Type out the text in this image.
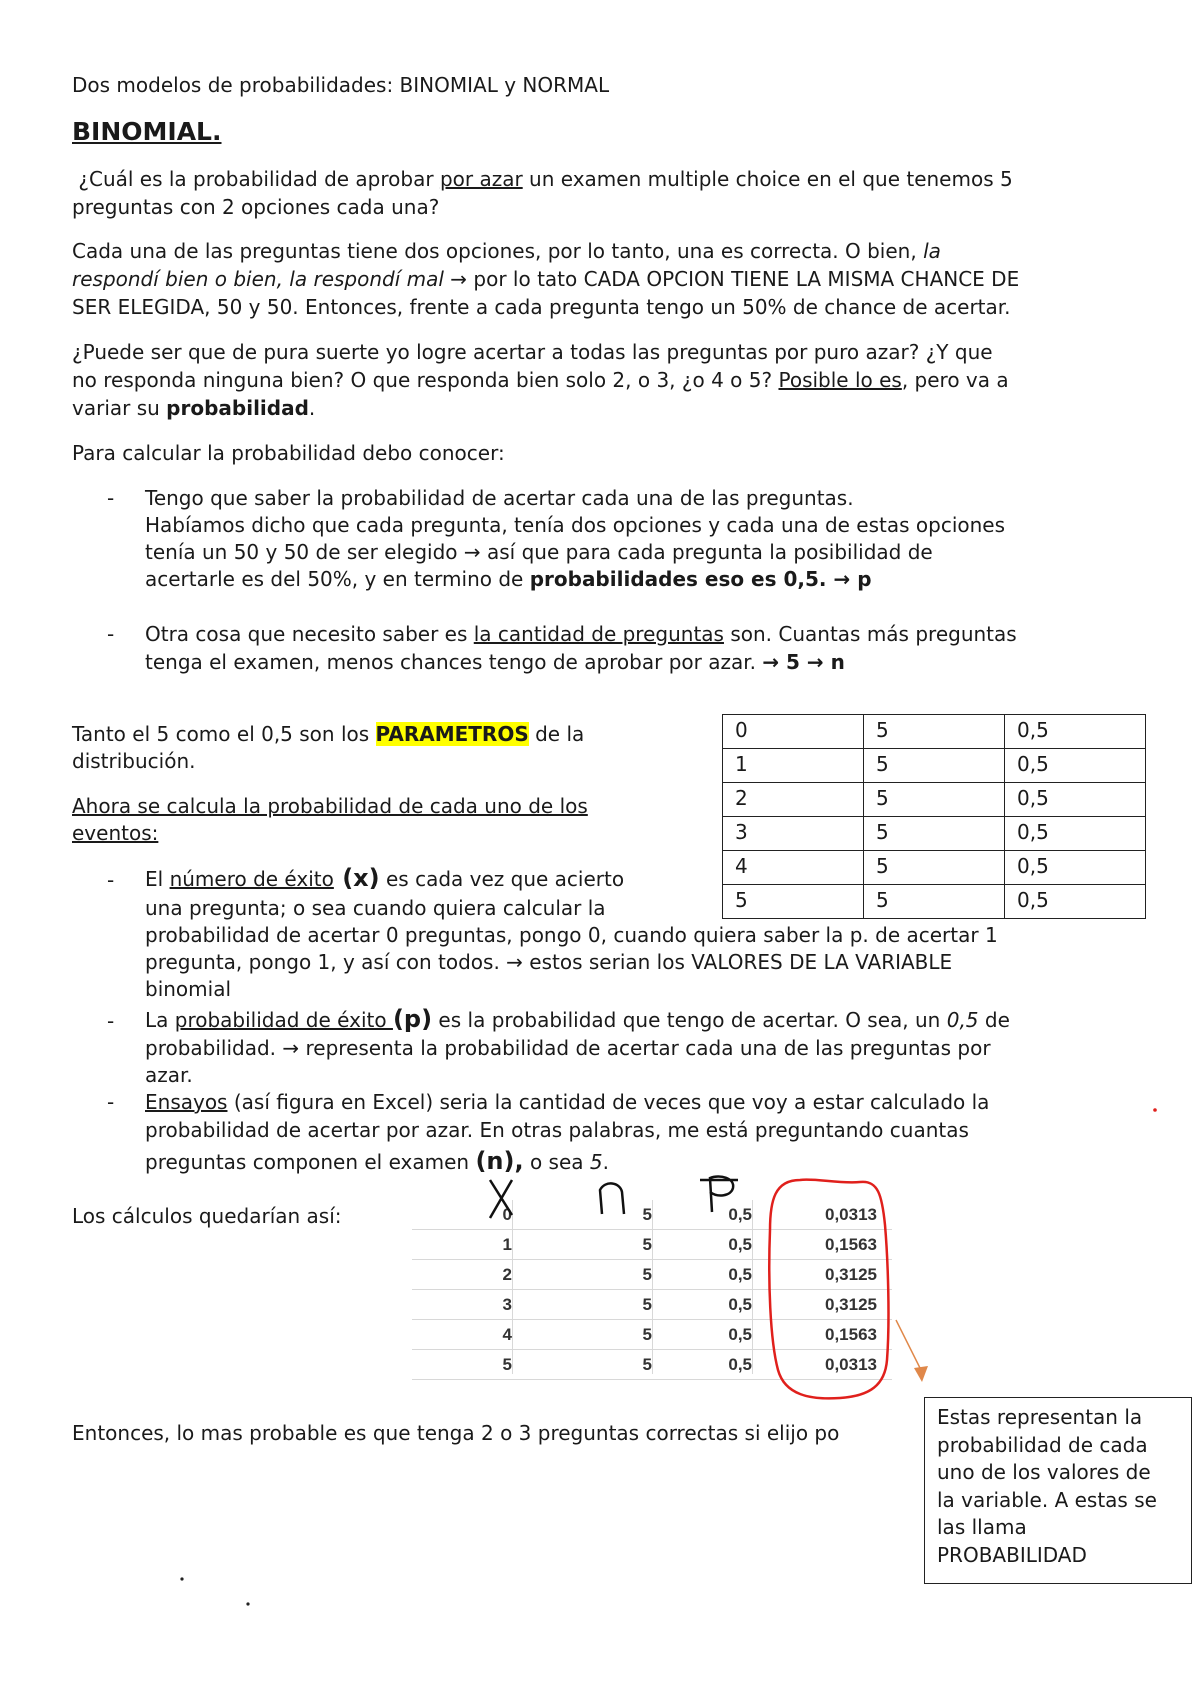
Dos modelos de probabilidades: BINOMIAL y NORMAL

BINOMIAL.

¿Cuál es la probabilidad de aprobar por azar un examen multiple choice en el que tenemos 5

preguntas con 2 opciones cada una?

Cada una de las preguntas tiene dos opciones, por lo tanto, una es correcta. O bien, la

respondí bien o bien, la respondí mal → por lo tato CADA OPCION TIENE LA MISMA CHANCE DE

SER ELEGIDA, 50 y 50. Entonces, frente a cada pregunta tengo un 50% de chance de acertar.

¿Puede ser que de pura suerte yo logre acertar a todas las preguntas por puro azar? ¿Y que

no responda ninguna bien? O que responda bien solo 2, o 3, ¿o 4 o 5? Posible lo es, pero va a

variar su probabilidad.

Para calcular la probabilidad debo conocer:

- Tengo que saber la probabilidad de acertar cada una de las preguntas.

Habíamos dicho que cada pregunta, tenía dos opciones y cada una de estas opciones

tenía un 50 y 50 de ser elegido → así que para cada pregunta la posibilidad de

acertarle es del 50%, y en termino de probabilidades eso es 0,5. → p

- Otra cosa que necesito saber es la cantidad de preguntas son. Cuantas más preguntas

tenga el examen, menos chances tengo de aprobar por azar. → 5 → n

Tanto el 5 como el 0,5 son los PARAMETROS de la

distribución.

Ahora se calcula la probabilidad de cada uno de los

eventos:

0	5	0,5
1	5	0,5
2	5	0,5
3	5	0,5
4	5	0,5
5	5	0,5
- El número de éxito (x) es cada vez que acierto

una pregunta; o sea cuando quiera calcular la

probabilidad de acertar 0 preguntas, pongo 0, cuando quiera saber la p. de acertar 1

pregunta, pongo 1, y así con todos. → estos serian los VALORES DE LA VARIABLE

binomial

- La probabilidad de éxito (p) es la probabilidad que tengo de acertar. O sea, un 0,5 de

probabilidad. → representa la probabilidad de acertar cada una de las preguntas por

azar.

- Ensayos (así figura en Excel) seria la cantidad de veces que voy a estar calculado la

probabilidad de acertar por azar. En otras palabras, me está preguntando cuantas

preguntas componen el examen (n), o sea 5.

Los cálculos quedarían así:	0	5	0,5	0,0313
1	5	0,5	0,1563
2	5	0,5	0,3125
3	5	0,5	0,3125
4	5	0,5	0,1563
5	5	0,5	0,0313

Entonces, lo mas probable es que tenga 2 o 3 preguntas correctas si elijo po

Estas representan la
probabilidad de cada
uno de los valores de
la variable. A estas se
las llama
PROBABILIDAD
